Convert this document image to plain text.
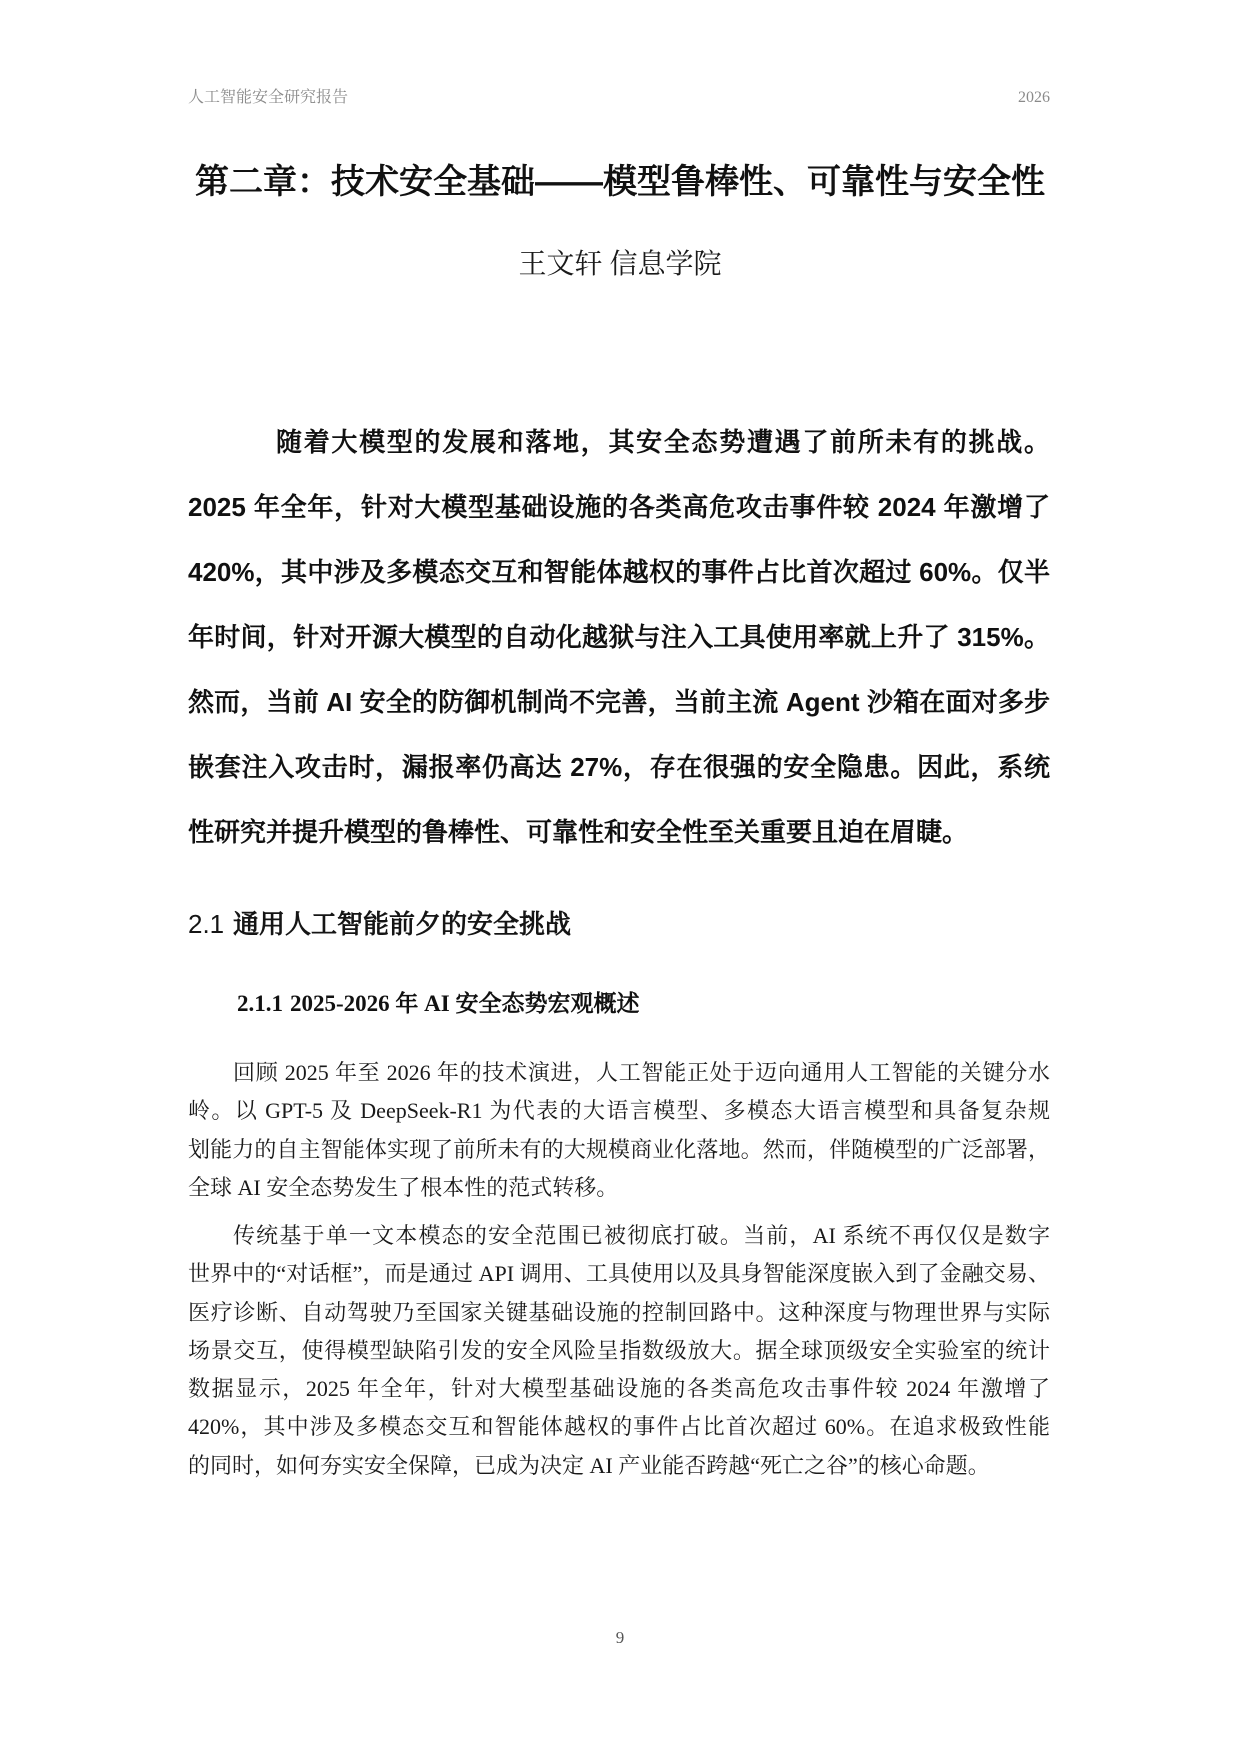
人工智能安全研究报告	2026
第二章：技术安全基础——模型鲁棒性、可靠性与安全性
王文轩 信息学院
随着大模型的发展和落地，其安全态势遭遇了前所未有的挑战。
2025 年全年，针对大模型基础设施的各类高危攻击事件较 2024 年激增了
420%，其中涉及多模态交互和智能体越权的事件占比首次超过 60%。仅半
年时间，针对开源大模型的自动化越狱与注入工具使用率就上升了 315%。
然而，当前 AI 安全的防御机制尚不完善，当前主流 Agent 沙箱在面对多步
嵌套注入攻击时，漏报率仍高达 27%，存在很强的安全隐患。因此，系统
性研究并提升模型的鲁棒性、可靠性和安全性至关重要且迫在眉睫。
2.1 通用人工智能前夕的安全挑战
2.1.1 2025-2026 年 AI 安全态势宏观概述
回顾 2025 年至 2026 年的技术演进，人工智能正处于迈向通用人工智能的关键分水
岭。以 GPT-5 及 DeepSeek-R1 为代表的大语言模型、多模态大语言模型和具备复杂规
划能力的自主智能体实现了前所未有的大规模商业化落地。然而，伴随模型的广泛部署，
全球 AI 安全态势发生了根本性的范式转移。
传统基于单一文本模态的安全范围已被彻底打破。当前，AI 系统不再仅仅是数字
世界中的“对话框”，而是通过 API 调用、工具使用以及具身智能深度嵌入到了金融交易、
医疗诊断、自动驾驶乃至国家关键基础设施的控制回路中。这种深度与物理世界与实际
场景交互，使得模型缺陷引发的安全风险呈指数级放大。据全球顶级安全实验室的统计
数据显示，2025 年全年，针对大模型基础设施的各类高危攻击事件较 2024 年激增了
420%，其中涉及多模态交互和智能体越权的事件占比首次超过 60%。在追求极致性能
的同时，如何夯实安全保障，已成为决定 AI 产业能否跨越“死亡之谷”的核心命题。
9
